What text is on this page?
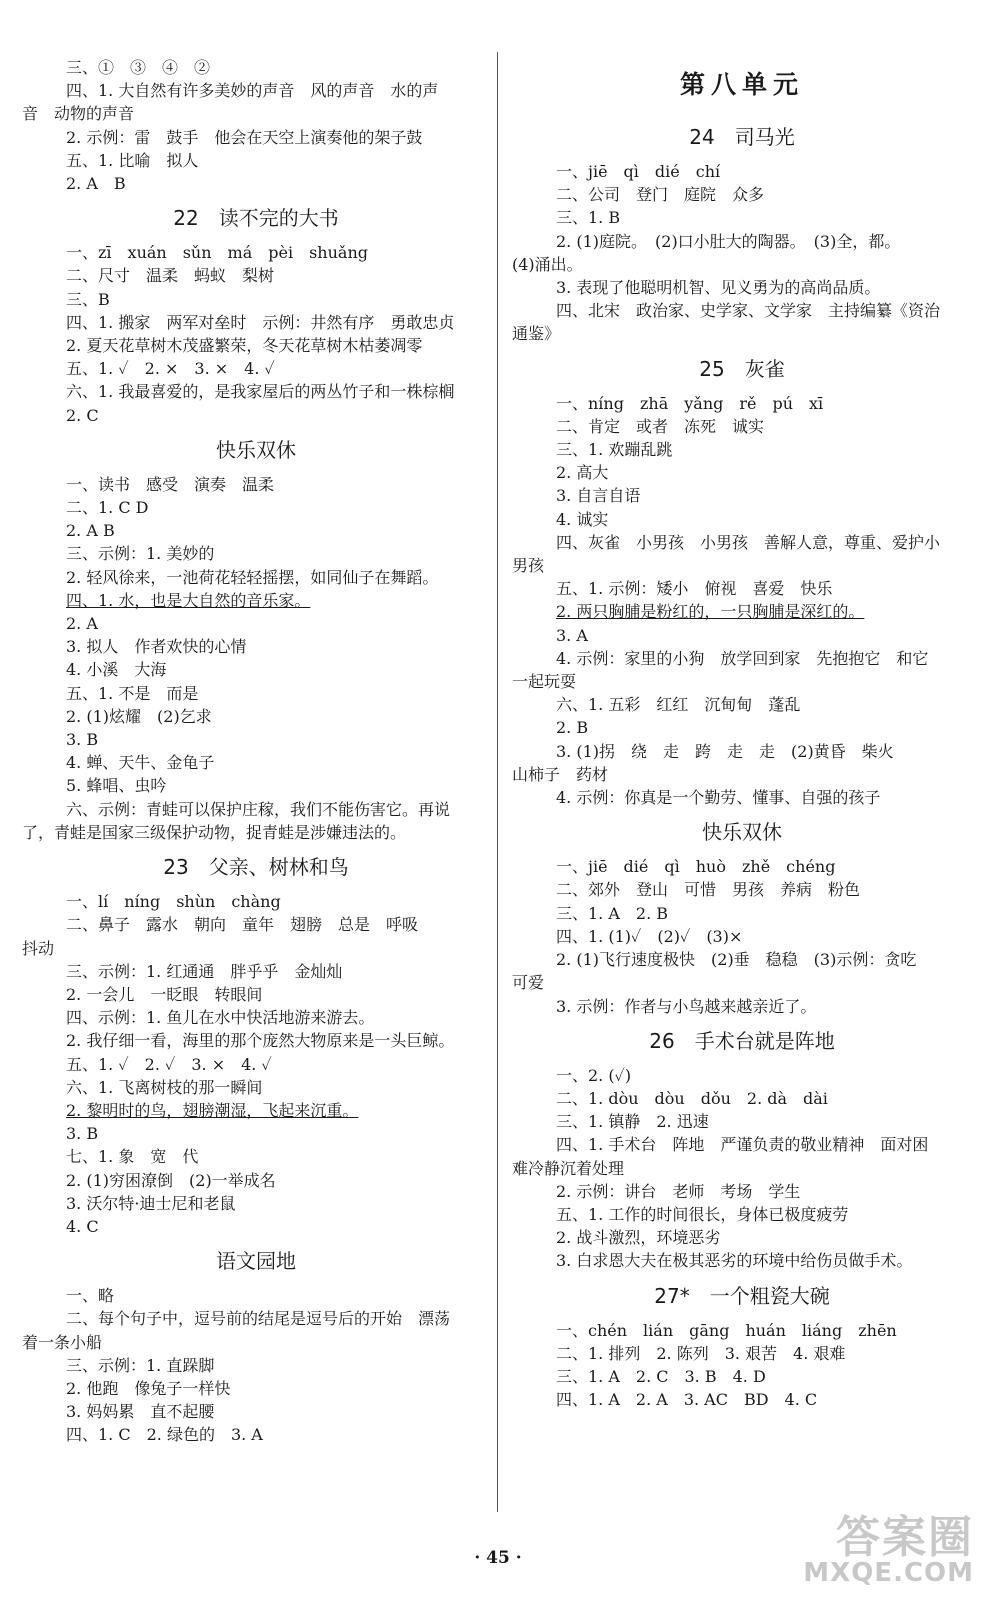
三、①　③　④　②
四、1. 大自然有许多美妙的声音　风的声音　水的声
音　动物的声音
2. 示例：雷　鼓手　他会在天空上演奏他的架子鼓
五、1. 比喻　拟人
2. A　B
22　读不完的大书
一、zī　xuán　sǔn　má　pèi　shuǎng
二、尺寸　温柔　蚂蚁　梨树
三、B
四、1. 搬家　两军对垒时　示例：井然有序　勇敢忠贞
2. 夏天花草树木茂盛繁荣，冬天花草树木枯萎凋零
五、1. ✓　2. ×　3. ×　4. ✓
六、1. 我最喜爱的，是我家屋后的两丛竹子和一株棕榈
2. C
快乐双休
一、读书　感受　演奏　温柔
二、1. C D
2. A B
三、示例：1. 美妙的
2. 轻风徐来，一池荷花轻轻摇摆，如同仙子在舞蹈。
四、1. 水，也是大自然的音乐家。
2. A
3. 拟人　作者欢快的心情
4. 小溪　大海
五、1. 不是　而是
2. (1)炫耀　(2)乞求
3. B
4. 蝉、天牛、金龟子
5. 蜂唱、虫吟
六、示例：青蛙可以保护庄稼，我们不能伤害它。再说
了，青蛙是国家三级保护动物，捉青蛙是涉嫌违法的。
23　父亲、树林和鸟
一、lí　níng　shùn　chàng
二、鼻子　露水　朝向　童年　翅膀　总是　呼吸
抖动
三、示例：1. 红通通　胖乎乎　金灿灿
2. 一会儿　一眨眼　转眼间
四、示例：1. 鱼儿在水中快活地游来游去。
2. 我仔细一看，海里的那个庞然大物原来是一头巨鲸。
五、1. ✓　2. ✓　3. ×　4. ✓
六、1. 飞离树枝的那一瞬间
2. 黎明时的鸟，翅膀潮湿，飞起来沉重。
3. B
七、1. 象　宽　代
2. (1)穷困潦倒　(2)一举成名
3. 沃尔特·迪士尼和老鼠
4. C
语文园地
一、略
二、每个句子中，逗号前的结尾是逗号后的开始　漂荡
着一条小船
三、示例：1. 直跺脚
2. 他跑　像兔子一样快
3. 妈妈累　直不起腰
四、1. C　2. 绿色的　3. A
第八单元
24　司马光
一、jiē　qì　dié　chí
二、公司　登门　庭院　众多
三、1. B
2. (1)庭院。　(2)口小肚大的陶器。　(3)全，都。
(4)涌出。
3. 表现了他聪明机智、见义勇为的高尚品质。
四、北宋　政治家、史学家、文学家　主持编纂《资治
通鉴》
25　灰雀
一、níng　zhā　yǎng　rě　pú　xī
二、肯定　或者　冻死　诚实
三、1. 欢蹦乱跳
2. 高大
3. 自言自语
4. 诚实
四、灰雀　小男孩　小男孩　善解人意，尊重、爱护小
男孩
五、1. 示例：矮小　俯视　喜爱　快乐
2. 两只胸脯是粉红的，一只胸脯是深红的。
3. A
4. 示例：家里的小狗　放学回到家　先抱抱它　和它
一起玩耍
六、1. 五彩　红红　沉甸甸　蓬乱
2. B
3. (1)拐　绕　走　跨　走　走　(2)黄昏　柴火
山柿子　药材
4. 示例：你真是一个勤劳、懂事、自强的孩子
快乐双休
一、jiē　dié　qì　huò　zhě　chéng
二、郊外　登山　可惜　男孩　养病　粉色
三、1. A　2. B
四、1. (1)✓　(2)✓　(3)×
2. (1)飞行速度极快　(2)垂　稳稳　(3)示例：贪吃
可爱
3. 示例：作者与小鸟越来越亲近了。
26　手术台就是阵地
一、2. (✓)
二、1. dòu　dòu　dǒu　2. dà　dài
三、1. 镇静　2. 迅速
四、1. 手术台　阵地　严谨负责的敬业精神　面对困
难冷静沉着处理
2. 示例：讲台　老师　考场　学生
五、1. 工作的时间很长，身体已极度疲劳
2. 战斗激烈，环境恶劣
3. 白求恩大夫在极其恶劣的环境中给伤员做手术。
27*　一个粗瓷大碗
一、chén　lián　gāng　huán　liáng　zhēn
二、1. 排列　2. 陈列　3. 艰苦　4. 艰难
三、1. A　2. C　3. B　4. D
四、1. A　2. A　3. AC　BD　4. C
· 45 ·	答案圈
MXQE.COM
